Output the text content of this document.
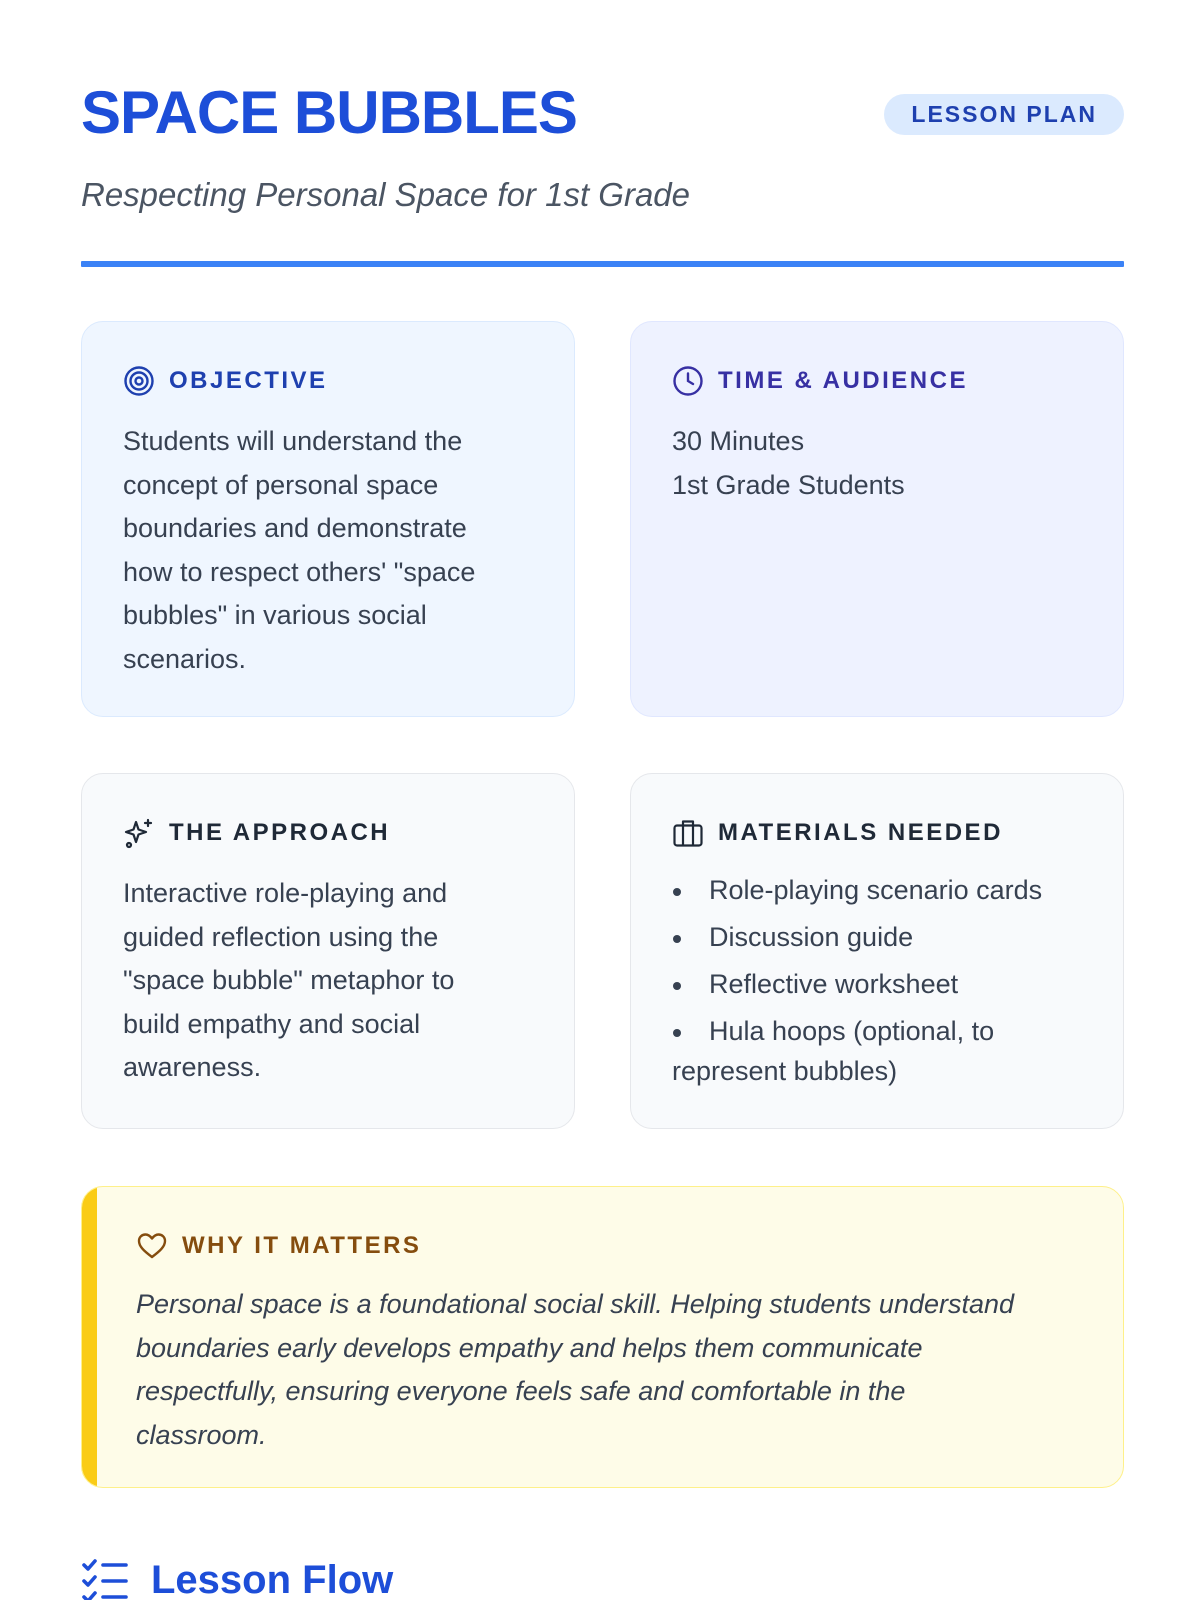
SPACE BUBBLES	LESSON PLAN
Respecting Personal Space for 1st Grade
OBJECTIVE
Students will understand the
concept of personal space
boundaries and demonstrate
how to respect others' "space
bubbles" in various social
scenarios.
TIME & AUDIENCE
30 Minutes
1st Grade Students
THE APPROACH
Interactive role-playing and
guided reflection using the
"space bubble" metaphor to
build empathy and social
awareness.
MATERIALS NEEDED
Role-playing scenario cards
Discussion guide
Reflective worksheet
Hula hoops (optional, to represent bubbles)
WHY IT MATTERS
Personal space is a foundational social skill. Helping students understand
boundaries early develops empathy and helps them communicate
respectfully, ensuring everyone feels safe and comfortable in the
classroom.
Lesson Flow
